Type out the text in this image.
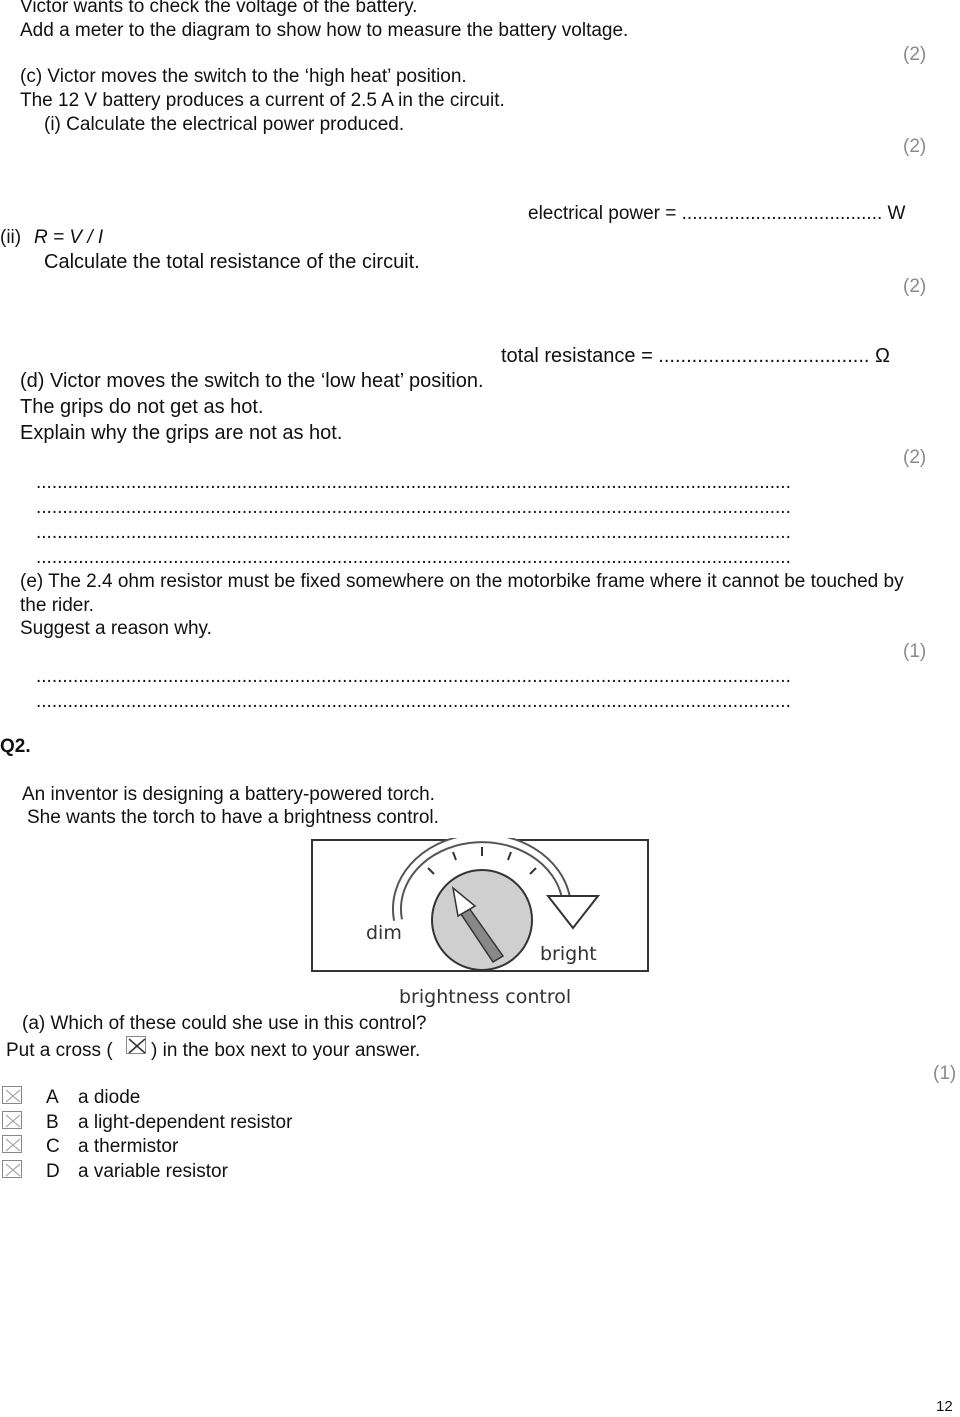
Victor wants to check the voltage of the battery.
Add a meter to the diagram to show how to measure the battery voltage.
(2)
(c) Victor moves the switch to the ‘high heat’ position.
The 12 V battery produces a current of 2.5 A in the circuit.
(i) Calculate the electrical power produced.
(2)
electrical power = ...................................... W
(ii) R = V / I
Calculate the total resistance of the circuit.
(2)
total resistance = ...................................... Ω
(d) Victor moves the switch to the ‘low heat’ position.
The grips do not get as hot.
Explain why the grips are not as hot.
(2)
...............................................................................................................................................
...............................................................................................................................................
...............................................................................................................................................
...............................................................................................................................................
(e) The 2.4 ohm resistor must be fixed somewhere on the motorbike frame where it cannot be touched by
the rider.
Suggest a reason why.
(1)
...............................................................................................................................................
...............................................................................................................................................
Q2.
An inventor is designing a battery-powered torch.
She wants the torch to have a brightness control.
dim
bright
brightness control
(a) Which of these could she use in this control?
Put a cross ( ) in the box next to your answer.
(1)
A a diode
B a light-dependent resistor
C a thermistor
D a variable resistor
12
